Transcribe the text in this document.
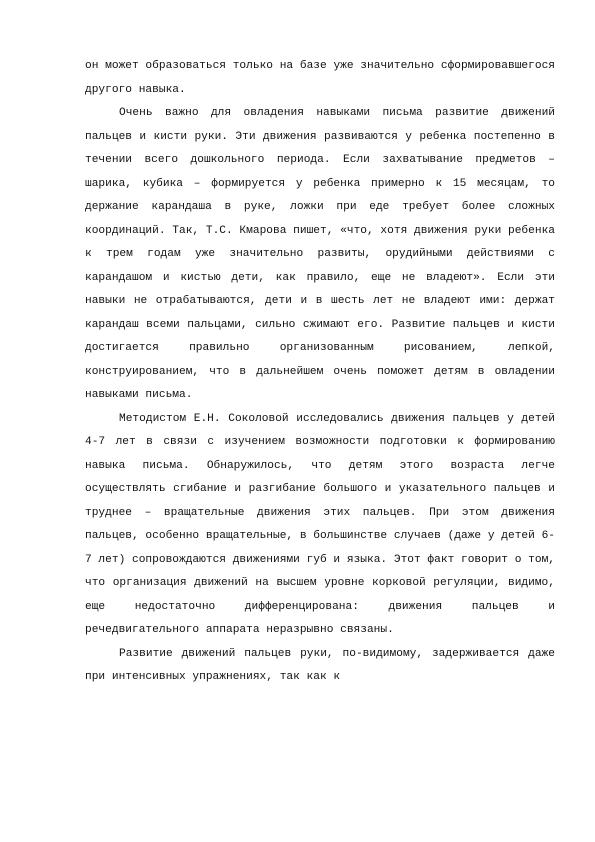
он может образоваться только на базе уже значительно сформировавшегося другого навыка.

Очень важно для овладения навыками письма развитие движений пальцев и кисти руки. Эти движения развиваются у ребенка постепенно в течении всего дошкольного периода. Если захватывание предметов – шарика, кубика – формируется у ребенка примерно к 15 месяцам, то держание карандаша в руке, ложки при еде требует более сложных координаций. Так, Т.С. Кмарова пишет, «что, хотя движения руки ребенка к трем годам уже значительно развиты, орудийными действиями с карандашом и кистью дети, как правило, еще не владеют». Если эти навыки не отрабатываются, дети и в шесть лет не владеют ими: держат карандаш всеми пальцами, сильно сжимают его. Развитие пальцев и кисти достигается правильно организованным рисованием, лепкой, конструированием, что в дальнейшем очень поможет детям в овладении навыками письма.

Методистом Е.Н. Соколовой исследовались движения пальцев у детей 4-7 лет в связи с изучением возможности подготовки к формированию навыка письма. Обнаружилось, что детям этого возраста легче осуществлять сгибание и разгибание большого и указательного пальцев и труднее – вращательные движения этих пальцев. При этом движения пальцев, особенно вращательные, в большинстве случаев (даже у детей 6-7 лет) сопровождаются движениями губ и языка. Этот факт говорит о том, что организация движений на высшем уровне корковой регуляции, видимо, еще недостаточно дифференцирована: движения пальцев и речедвигательного аппарата неразрывно связаны.

Развитие движений пальцев руки, по-видимому, задерживается даже при интенсивных упражнениях, так как к
